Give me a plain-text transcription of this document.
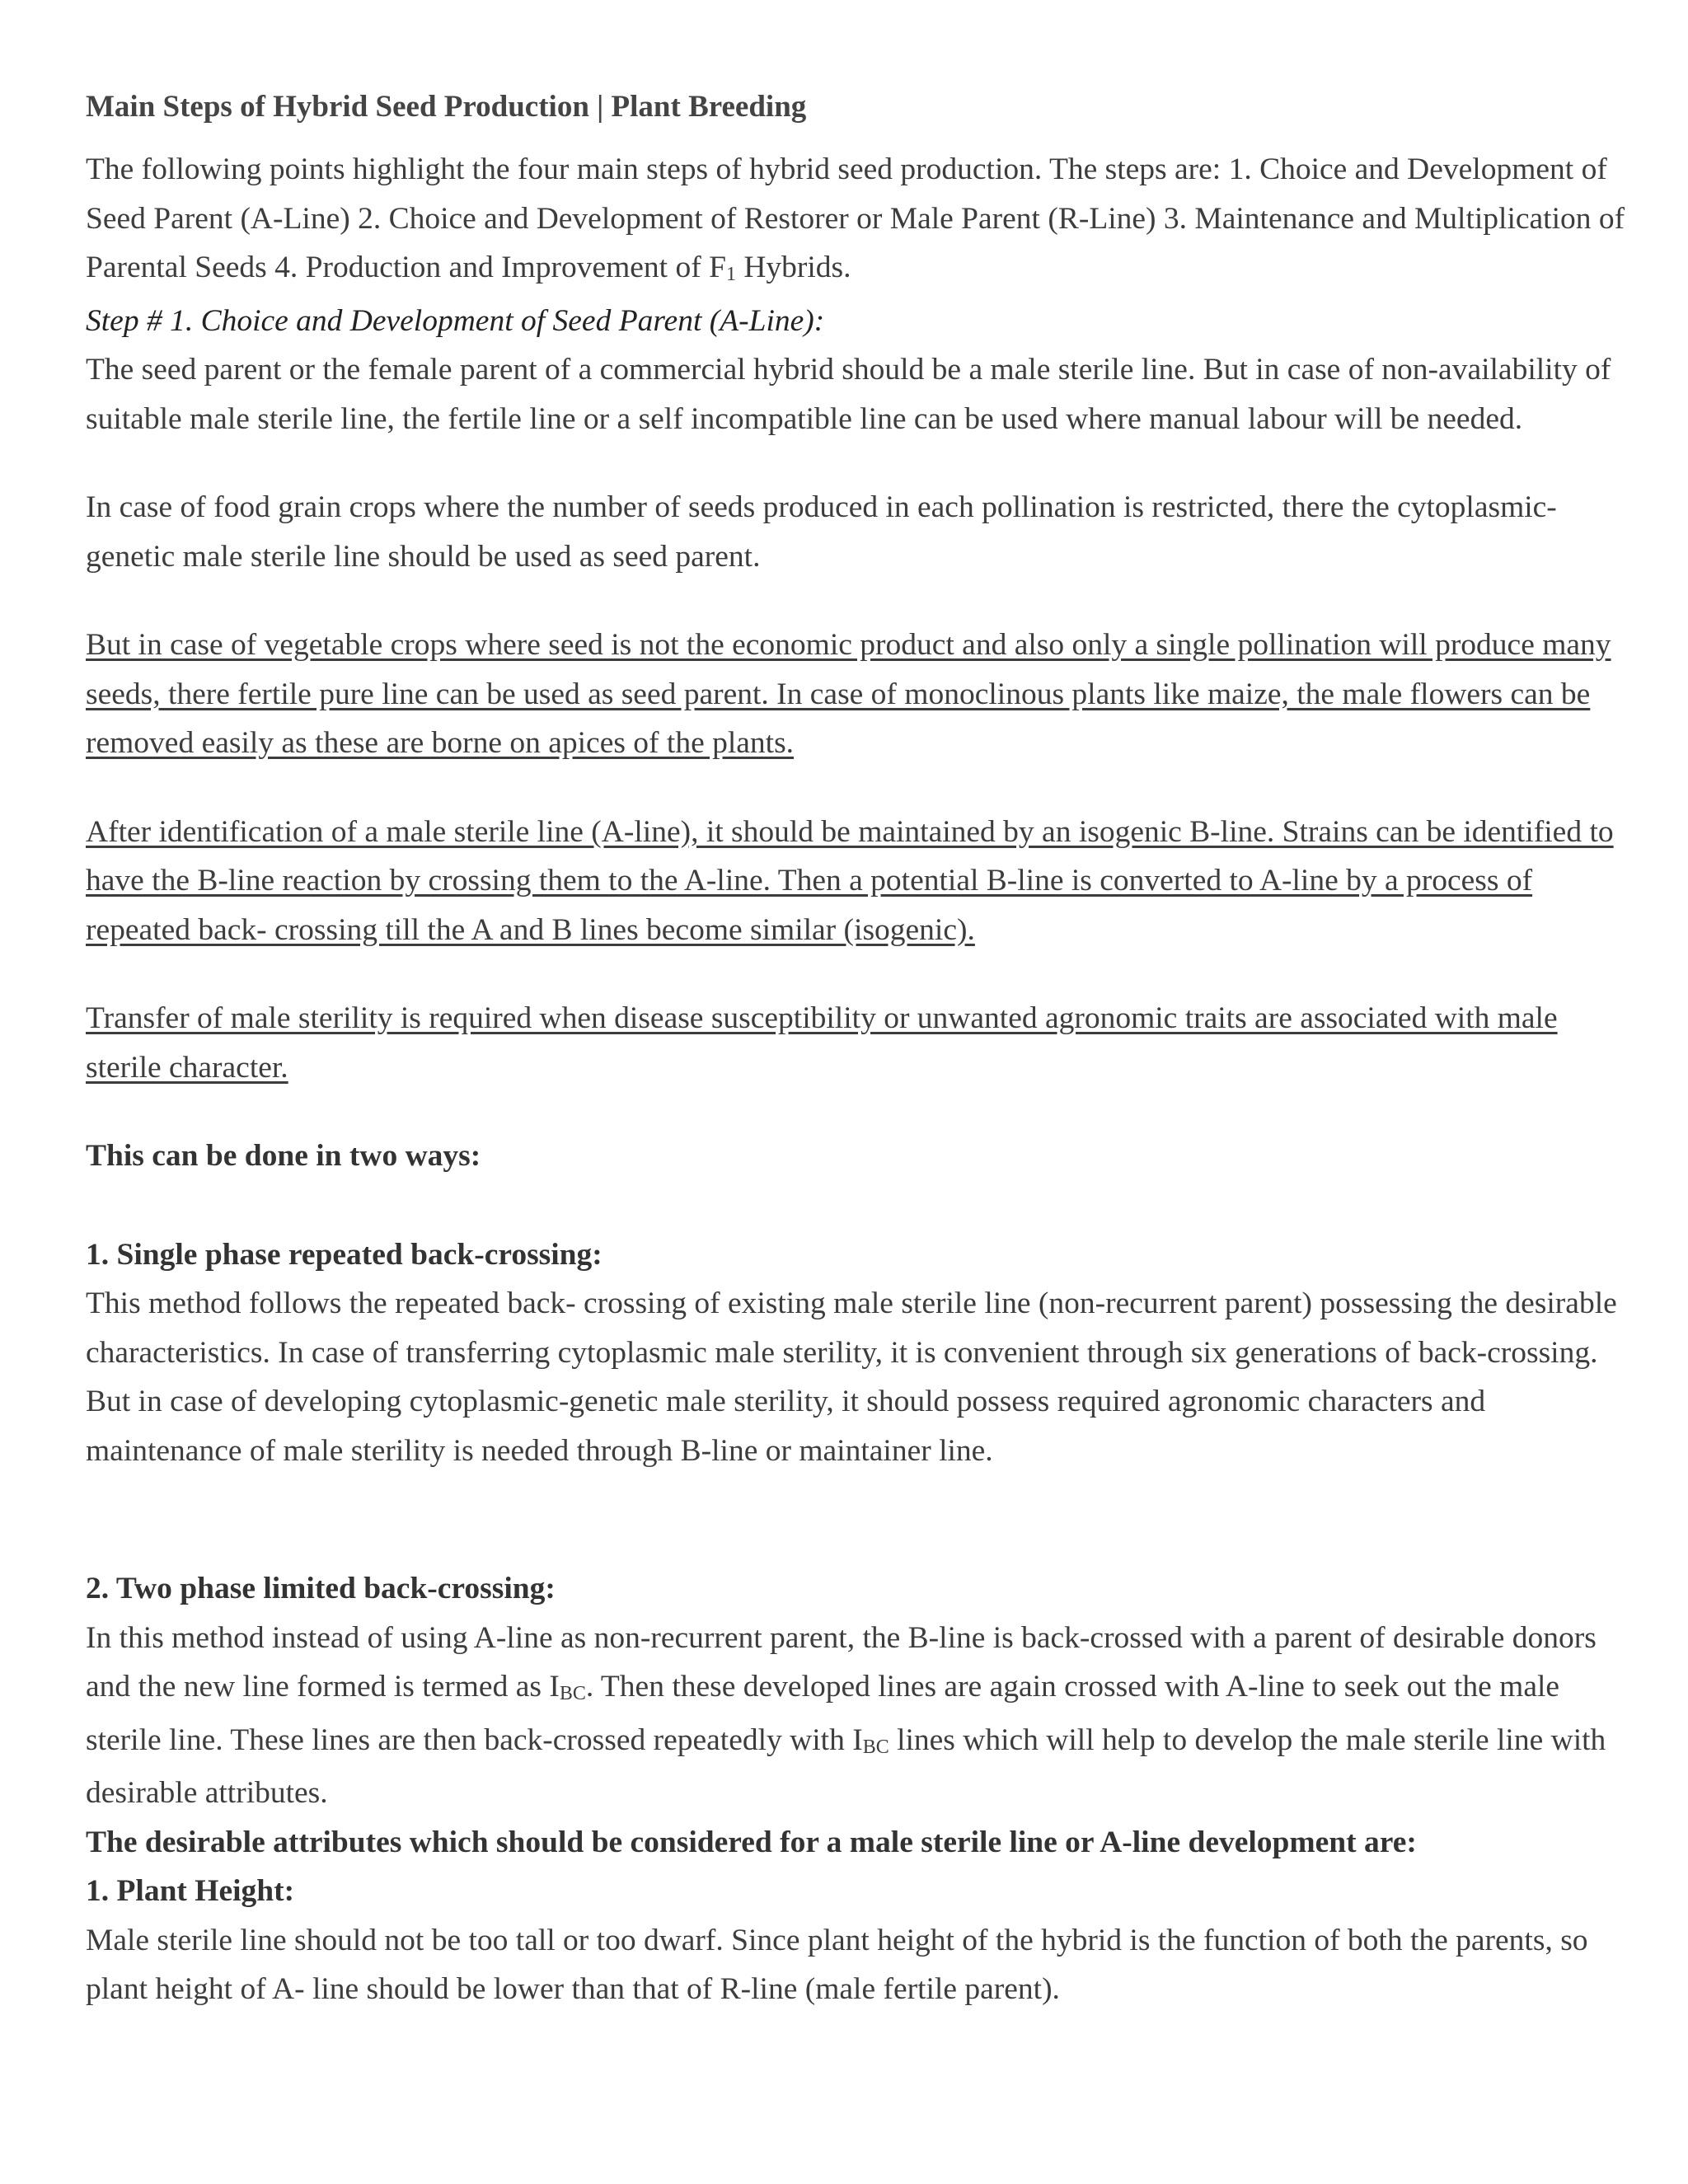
Main Steps of Hybrid Seed Production | Plant Breeding

The following points highlight the four main steps of hybrid seed production. The steps are: 1. Choice and Development of Seed Parent (A-Line) 2. Choice and Development of Restorer or Male Parent (R-Line) 3. Maintenance and Multiplication of Parental Seeds 4. Production and Improvement of F1 Hybrids.

Step # 1. Choice and Development of Seed Parent (A-Line):

The seed parent or the female parent of a commercial hybrid should be a male sterile line. But in case of non-availability of suitable male sterile line, the fertile line or a self incompatible line can be used where manual labour will be needed.

In case of food grain crops where the number of seeds produced in each pollination is restricted, there the cytoplasmic-genetic male sterile line should be used as seed parent.

But in case of vegetable crops where seed is not the economic product and also only a single pollination will produce many seeds, there fertile pure line can be used as seed parent. In case of monoclinous plants like maize, the male flowers can be removed easily as these are borne on apices of the plants.

After identification of a male sterile line (A-line), it should be maintained by an isogenic B-line. Strains can be identified to have the B-line reaction by crossing them to the A-line. Then a potential B-line is converted to A-line by a process of repeated back- crossing till the A and B lines become similar (isogenic).

Transfer of male sterility is required when disease susceptibility or unwanted agronomic traits are associated with male sterile character.

This can be done in two ways:

1. Single phase repeated back-crossing:

This method follows the repeated back- crossing of existing male sterile line (non-recurrent parent) possessing the desirable characteristics. In case of transferring cytoplasmic male sterility, it is convenient through six generations of back-crossing. But in case of developing cytoplasmic-genetic male sterility, it should possess required agronomic characters and maintenance of male sterility is needed through B-line or maintainer line.

2. Two phase limited back-crossing:

In this method instead of using A-line as non-recurrent parent, the B-line is back-crossed with a parent of desirable donors and the new line formed is termed as IBC. Then these developed lines are again crossed with A-line to seek out the male sterile line. These lines are then back-crossed repeatedly with IBC lines which will help to develop the male sterile line with desirable attributes.

The desirable attributes which should be considered for a male sterile line or A-line development are:

1. Plant Height:

Male sterile line should not be too tall or too dwarf. Since plant height of the hybrid is the function of both the parents, so plant height of A- line should be lower than that of R-line (male fertile parent).
